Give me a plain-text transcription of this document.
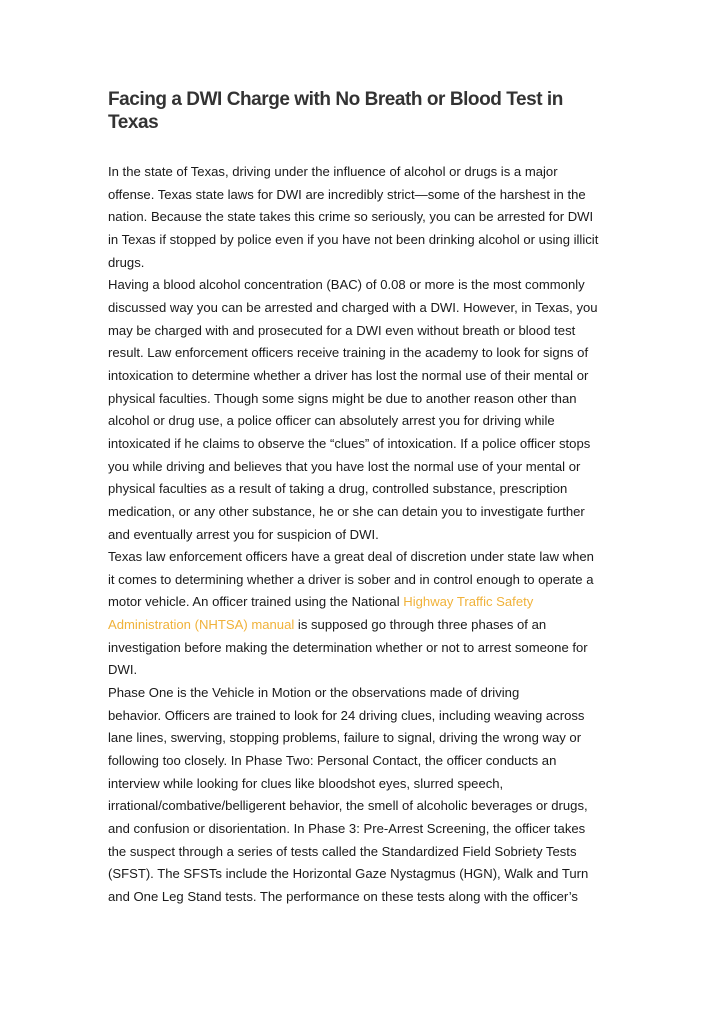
Facing a DWI Charge with No Breath or Blood Test in
Texas
In the state of Texas, driving under the influence of alcohol or drugs is a major
offense. Texas state laws for DWI are incredibly strict—some of the harshest in the
nation. Because the state takes this crime so seriously, you can be arrested for DWI
in Texas if stopped by police even if you have not been drinking alcohol or using illicit
drugs.
Having a blood alcohol concentration (BAC) of 0.08 or more is the most commonly
discussed way you can be arrested and charged with a DWI. However, in Texas, you
may be charged with and prosecuted for a DWI even without breath or blood test
result. Law enforcement officers receive training in the academy to look for signs of
intoxication to determine whether a driver has lost the normal use of their mental or
physical faculties. Though some signs might be due to another reason other than
alcohol or drug use, a police officer can absolutely arrest you for driving while
intoxicated if he claims to observe the “clues” of intoxication. If a police officer stops
you while driving and believes that you have lost the normal use of your mental or
physical faculties as a result of taking a drug, controlled substance, prescription
medication, or any other substance, he or she can detain you to investigate further
and eventually arrest you for suspicion of DWI.
Texas law enforcement officers have a great deal of discretion under state law when
it comes to determining whether a driver is sober and in control enough to operate a
motor vehicle. An officer trained using the National Highway Traffic Safety
Administration (NHTSA) manual is supposed go through three phases of an
investigation before making the determination whether or not to arrest someone for
DWI.
Phase One is the Vehicle in Motion or the observations made of driving
behavior. Officers are trained to look for 24 driving clues, including weaving across
lane lines, swerving, stopping problems, failure to signal, driving the wrong way or
following too closely. In Phase Two: Personal Contact, the officer conducts an
interview while looking for clues like bloodshot eyes, slurred speech,
irrational/combative/belligerent behavior, the smell of alcoholic beverages or drugs,
and confusion or disorientation. In Phase 3: Pre-Arrest Screening, the officer takes
the suspect through a series of tests called the Standardized Field Sobriety Tests
(SFST). The SFSTs include the Horizontal Gaze Nystagmus (HGN), Walk and Turn
and One Leg Stand tests. The performance on these tests along with the officer’s
